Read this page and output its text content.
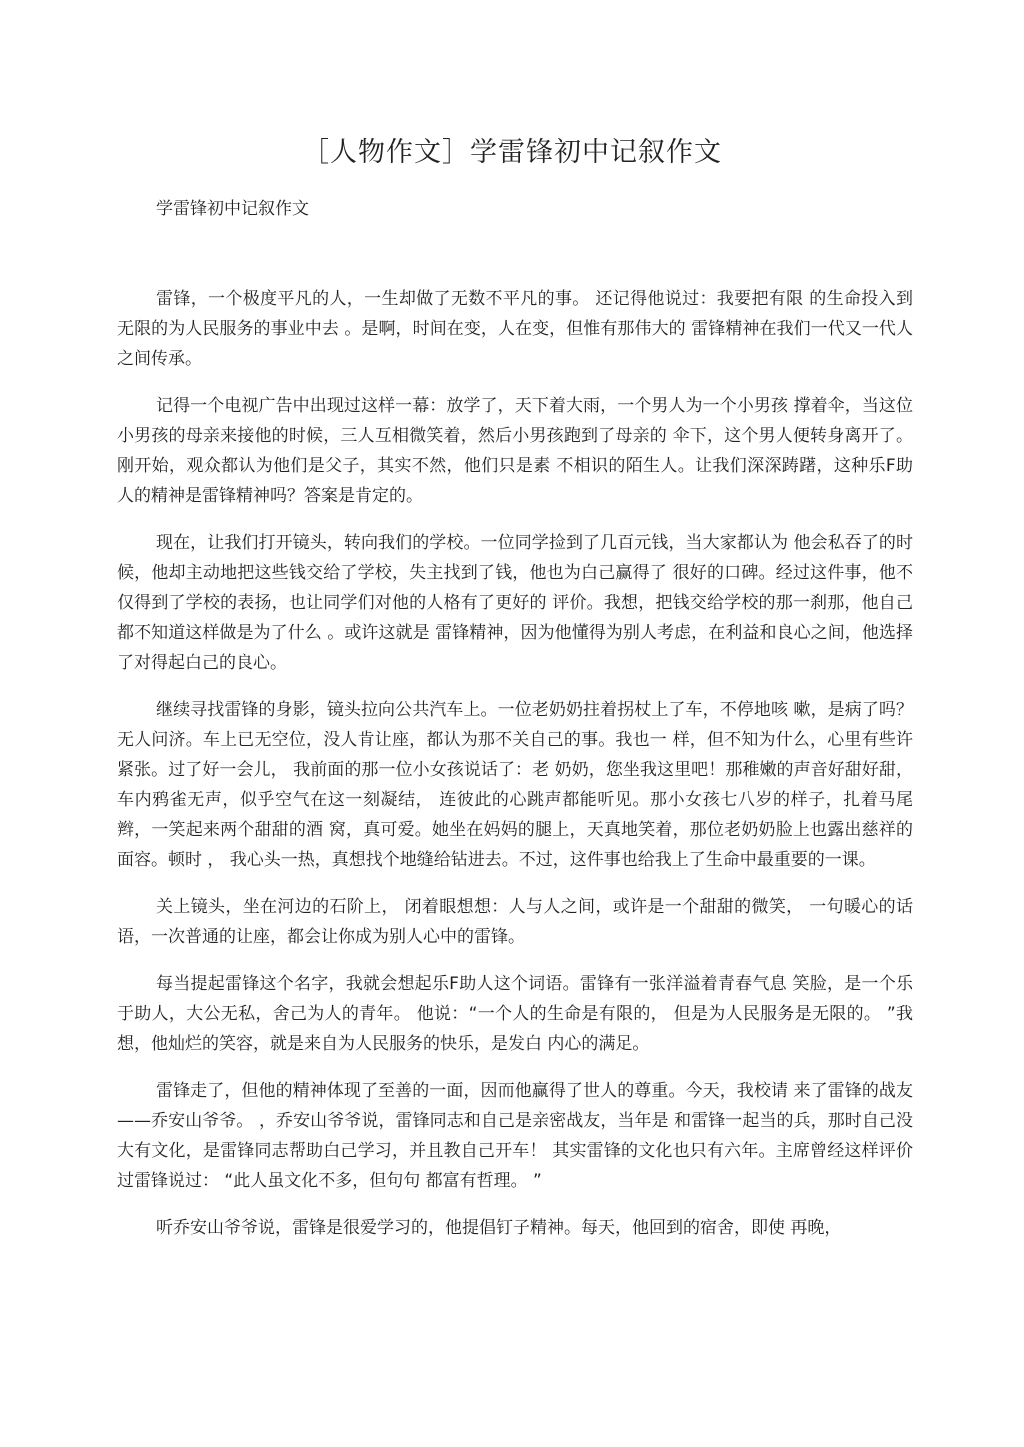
［人物作文］学雷锋初中记叙作文
学雷锋初中记叙作文

雷锋，一个极度平凡的人，一生却做了无数不平凡的事。 还记得他说过：我要把有限 的生命投入到无限的为人民服务的事业中去 。是啊，时间在变，人在变，但惟有那伟大的 雷锋精神在我们一代又一代人之间传承。

记得一个电视广告中出现过这样一幕：放学了，天下着大雨，一个男人为一个小男孩 撑着伞，当这位小男孩的母亲来接他的时候，三人互相微笑着，然后小男孩跑到了母亲的 伞下，这个男人便转身离开了。刚开始，观众都认为他们是父子，其实不然，他们只是素 不相识的陌生人。让我们深深踌躇，这种乐F助人的精神是雷锋精神吗？答案是肯定的。

现在，让我们打开镜头，转向我们的学校。一位同学捡到了几百元钱，当大家都认为 他会私吞了的时候，他却主动地把这些钱交给了学校，失主找到了钱，他也为白己赢得了 很好的口碑。经过这件事，他不仅得到了学校的表扬，也让同学们对他的人格有了更好的 评价。我想，把钱交给学校的那一刹那，他自己都不知道这样做是为了什么 。或许这就是 雷锋精神，因为他懂得为别人考虑，在利益和良心之间，他选择了对得起白己的良心。

继续寻找雷锋的身影，镜头拉向公共汽车上。一位老奶奶拄着拐杖上了车，不停地咳 嗽，是病了吗？无人问济。车上已无空位，没人肯让座，都认为那不关自己的事。我也一 样，但不知为什么，心里有些许紧张。过了好一会儿， 我前面的那一位小女孩说话了：老 奶奶，您坐我这里吧！那稚嫩的声音好甜好甜，车内鸦雀无声，似乎空气在这一刻凝结， 连彼此的心跳声都能听见。那小女孩七八岁的样子，扎着马尾辫，一笑起来两个甜甜的酒 窝，真可爱。她坐在妈妈的腿上，天真地笑着，那位老奶奶脸上也露出慈祥的面容。顿时 ， 我心头一热，真想找个地缝给钻进去。不过，这件事也给我上了生命中最重要的一课。

关上镜头，坐在河边的石阶上， 闭着眼想想：人与人之间，或许是一个甜甜的微笑， 一句暖心的话语，一次普通的让座，都会让你成为别人心中的雷锋。

每当提起雷锋这个名字，我就会想起乐F助人这个词语。雷锋有一张洋溢着青春气息 笑脸，是一个乐于助人，大公无私，舍己为人的青年。 他说：“一个人的生命是有限的， 但是为人民服务是无限的。 ”我想，他灿烂的笑容，就是来自为人民服务的快乐，是发白 内心的满足。

雷锋走了，但他的精神体现了至善的一面，因而他赢得了世人的尊重。今天，我校请 来了雷锋的战友——乔安山爷爷。 ，乔安山爷爷说，雷锋同志和自己是亲密战友，当年是 和雷锋一起当的兵，那时自己没大有文化，是雷锋同志帮助白己学习，并且教自己开车！ 其实雷锋的文化也只有六年。主席曾经这样评价过雷锋说过： “此人虽文化不多，但句句 都富有哲理。 ”

听乔安山爷爷说，雷锋是很爱学习的，他提倡钉子精神。每天，他回到的宿舍，即使 再晚，
